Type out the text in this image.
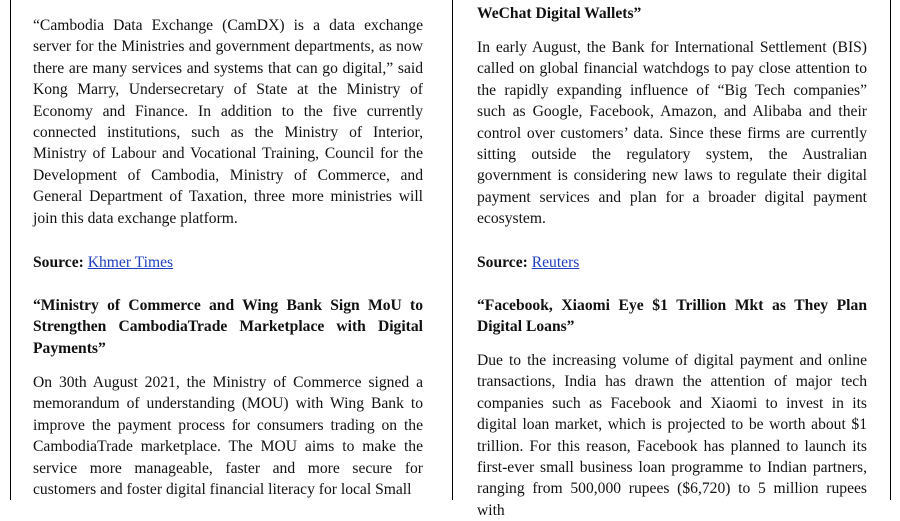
“Cambodia Data Exchange (CamDX) is a data exchange server for the Ministries and government departments, as now there are many services and systems that can go digital,” said Kong Marry, Undersecretary of State at the Ministry of Economy and Finance. In addition to the five currently connected institutions, such as the Ministry of Interior, Ministry of Labour and Vocational Training, Council for the Development of Cambodia, Ministry of Commerce, and General Department of Taxation, three more ministries will join this data exchange platform.

Source: Khmer Times

“Ministry of Commerce and Wing Bank Sign MoU to Strengthen CambodiaTrade Marketplace with Digital Payments”

On 30th August 2021, the Ministry of Commerce signed a memorandum of understanding (MOU) with Wing Bank to improve the payment process for consumers trading on the CambodiaTrade marketplace. The MOU aims to make the service more manageable, faster and more secure for customers and foster digital financial literacy for local Small

WeChat Digital Wallets”

In early August, the Bank for International Settlement (BIS) called on global financial watchdogs to pay close attention to the rapidly expanding influence of “Big Tech companies” such as Google, Facebook, Amazon, and Alibaba and their control over customers’ data. Since these firms are currently sitting outside the regulatory system, the Australian government is considering new laws to regulate their digital payment services and plan for a broader digital payment ecosystem.

Source: Reuters

“Facebook, Xiaomi Eye $1 Trillion Mkt as They Plan Digital Loans”

Due to the increasing volume of digital payment and online transactions, India has drawn the attention of major tech companies such as Facebook and Xiaomi to invest in its digital loan market, which is projected to be worth about $1 trillion. For this reason, Facebook has planned to launch its first-ever small business loan programme to Indian partners, ranging from 500,000 rupees ($6,720) to 5 million rupees with
